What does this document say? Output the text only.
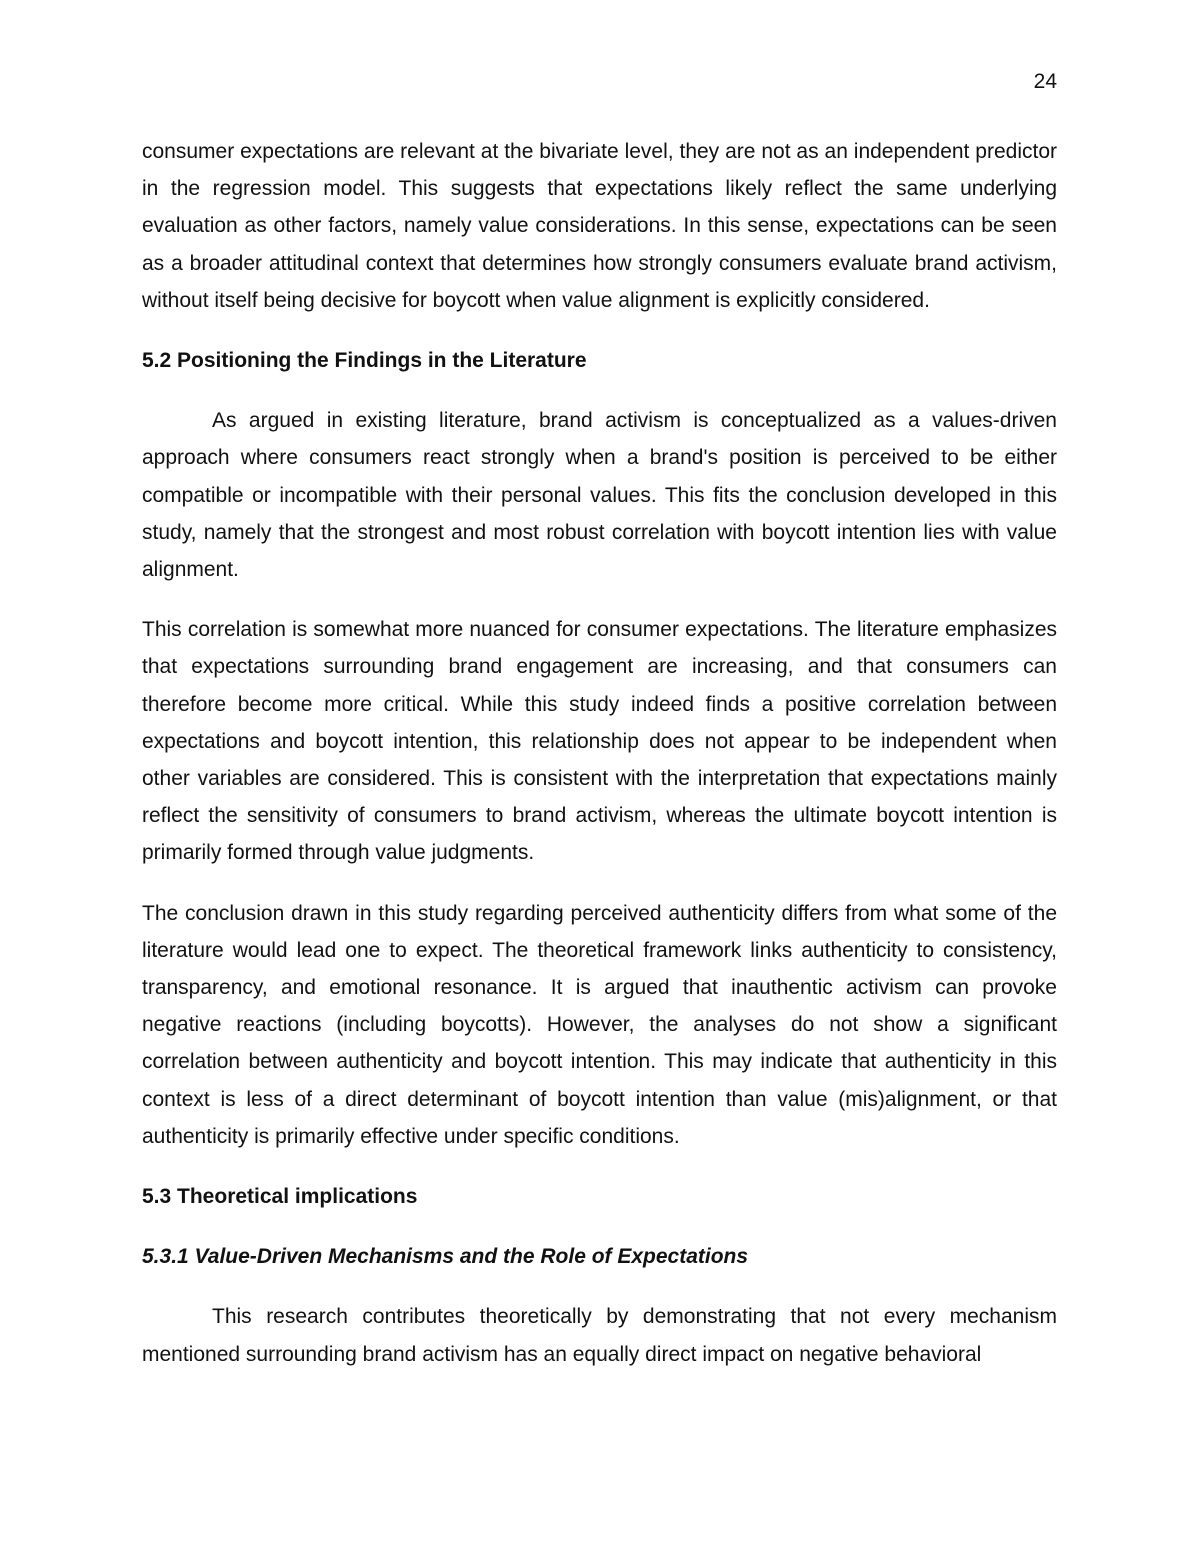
24

consumer expectations are relevant at the bivariate level, they are not as an independent predictor in the regression model. This suggests that expectations likely reflect the same underlying evaluation as other factors, namely value considerations. In this sense, expectations can be seen as a broader attitudinal context that determines how strongly consumers evaluate brand activism, without itself being decisive for boycott when value alignment is explicitly considered.

5.2 Positioning the Findings in the Literature

As argued in existing literature, brand activism is conceptualized as a values-driven approach where consumers react strongly when a brand's position is perceived to be either compatible or incompatible with their personal values. This fits the conclusion developed in this study, namely that the strongest and most robust correlation with boycott intention lies with value alignment.

This correlation is somewhat more nuanced for consumer expectations. The literature emphasizes that expectations surrounding brand engagement are increasing, and that consumers can therefore become more critical. While this study indeed finds a positive correlation between expectations and boycott intention, this relationship does not appear to be independent when other variables are considered. This is consistent with the interpretation that expectations mainly reflect the sensitivity of consumers to brand activism, whereas the ultimate boycott intention is primarily formed through value judgments.

The conclusion drawn in this study regarding perceived authenticity differs from what some of the literature would lead one to expect. The theoretical framework links authenticity to consistency, transparency, and emotional resonance. It is argued that inauthentic activism can provoke negative reactions (including boycotts). However, the analyses do not show a significant correlation between authenticity and boycott intention. This may indicate that authenticity in this context is less of a direct determinant of boycott intention than value (mis)alignment, or that authenticity is primarily effective under specific conditions.

5.3 Theoretical implications
5.3.1 Value-Driven Mechanisms and the Role of Expectations

This research contributes theoretically by demonstrating that not every mechanism mentioned surrounding brand activism has an equally direct impact on negative behavioral
